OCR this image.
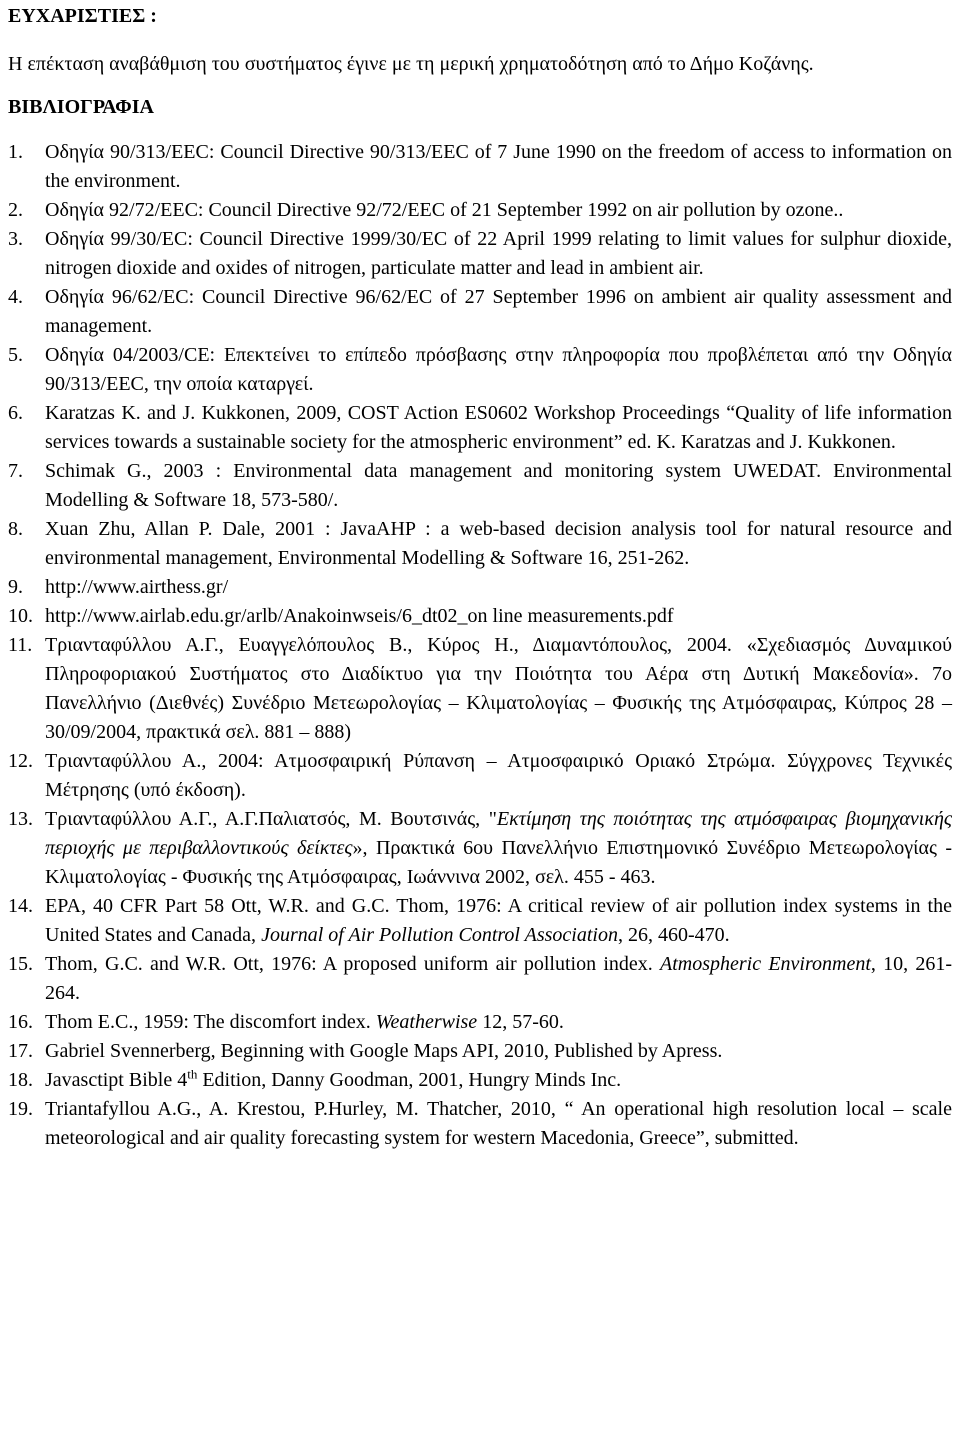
ΕΥΧΑΡΙΣΤΙΕΣ :
Η επέκταση αναβάθμιση του συστήματος έγινε με τη μερική χρηματοδότηση από το Δήμο Κοζάνης.
ΒΙΒΛΙΟΓΡΑΦΙΑ
1. Οδηγία 90/313/EEC: Council Directive 90/313/EEC of 7 June 1990 on the freedom of access to information on the environment.
2. Οδηγία 92/72/EEC: Council Directive 92/72/EEC of 21 September 1992 on air pollution by ozone..
3. Οδηγία 99/30/EC: Council Directive 1999/30/EC of 22 April 1999 relating to limit values for sulphur dioxide, nitrogen dioxide and oxides of nitrogen, particulate matter and lead in ambient air.
4. Οδηγία 96/62/EC: Council Directive 96/62/EC of 27 September 1996 on ambient air quality assessment and management.
5. Οδηγία 04/2003/CE: Επεκτείνει το επίπεδο πρόσβασης στην πληροφορία που προβλέπεται από την Οδηγία 90/313/EEC, την οποία καταργεί.
6. Karatzas K. and J. Kukkonen, 2009, COST Action ES0602 Workshop Proceedings “Quality of life information services towards a sustainable society for the atmospheric environment” ed. K. Karatzas and J. Kukkonen.
7. Schimak G., 2003 : Environmental data management and monitoring system UWEDAT. Environmental Modelling & Software 18, 573-580/.
8. Xuan Zhu, Allan P. Dale, 2001 : JavaAHP : a web-based decision analysis tool for natural resource and environmental management, Environmental Modelling & Software 16, 251-262.
9. http://www.airthess.gr/
10. http://www.airlab.edu.gr/arlb/Anakoinwseis/6_dt02_on line measurements.pdf
11. Τριανταφύλλου Α.Γ., Ευαγγελόπουλος Β., Κύρος Η., Διαμαντόπουλος, 2004. «Σχεδιασμός Δυναμικού Πληροφοριακού Συστήματος στο Διαδίκτυο για την Ποιότητα του Αέρα στη Δυτική Μακεδονία». 7ο Πανελλήνιο (Διεθνές) Συνέδριο Μετεωρολογίας – Κλιματολογίας – Φυσικής της Ατμόσφαιρας, Κύπρος 28 – 30/09/2004, πρακτικά σελ. 881 – 888)
12. Τριανταφύλλου Α., 2004: Ατμοσφαιρική Ρύπανση – Ατμοσφαιρικό Οριακό Στρώμα. Σύγχρονες Τεχνικές Μέτρησης (υπό έκδοση).
13. Τριανταφύλλου Α.Γ., Α.Γ.Παλιατσός, Μ. Βουτσινάς, "Εκτίμηση της ποιότητας της ατμόσφαιρας βιομηχανικής περιοχής με περιβαλλοντικούς δείκτες», Πρακτικά 6ου Πανελλήνιο Επιστημονικό Συνέδριο Μετεωρολογίας - Κλιματολογίας - Φυσικής της Ατμόσφαιρας, Ιωάννινα 2002, σελ. 455 - 463.
14. EPA, 40 CFR Part 58 Ott, W.R. and G.C. Thom, 1976: A critical review of air pollution index systems in the United States and Canada, Journal of Air Pollution Control Association, 26, 460-470.
15. Thom, G.C. and W.R. Ott, 1976: A proposed uniform air pollution index. Atmospheric Environment, 10, 261-264.
16. Thom E.C., 1959: The discomfort index. Weatherwise 12, 57-60.
17. Gabriel Svennerberg, Beginning with Google Maps API, 2010, Published by Apress.
18. Javasctipt Bible 4th Edition, Danny Goodman, 2001, Hungry Minds Inc.
19. Triantafyllou A.G., A. Krestou, P.Hurley, M. Thatcher, 2010, “ An operational high resolution local – scale meteorological and air quality forecasting system for western Macedonia, Greece”, submitted.
